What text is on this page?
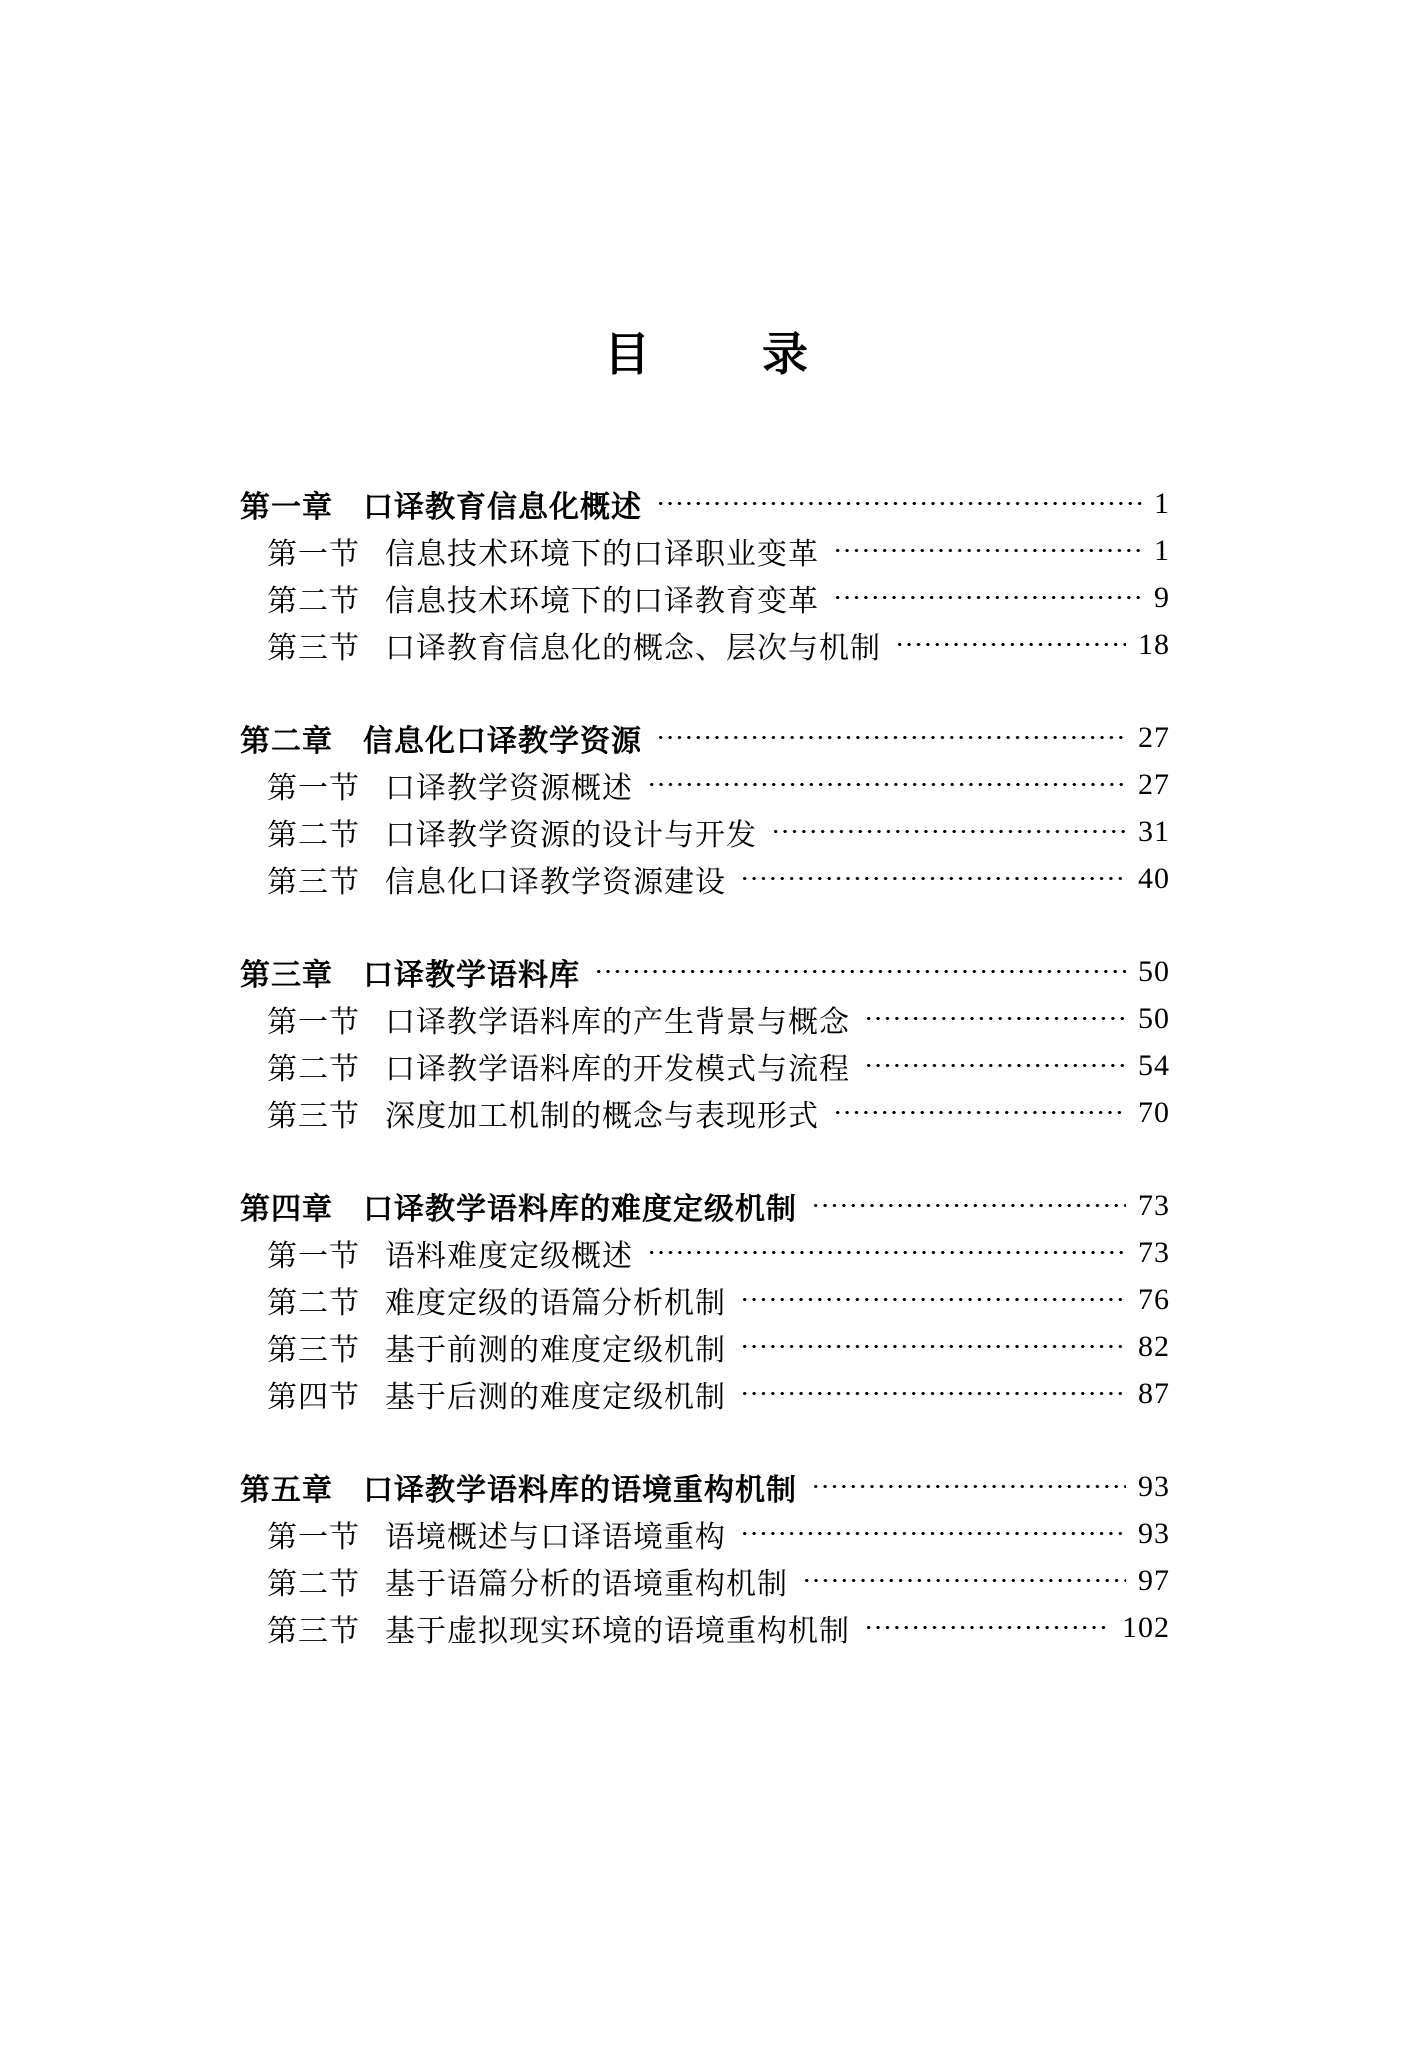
目 录
第一章 口译教育信息化概述	1
第一节 信息技术环境下的口译职业变革	1
第二节 信息技术环境下的口译教育变革	9
第三节 口译教育信息化的概念、层次与机制	18
第二章 信息化口译教学资源	27
第一节 口译教学资源概述	27
第二节 口译教学资源的设计与开发	31
第三节 信息化口译教学资源建设	40
第三章 口译教学语料库	50
第一节 口译教学语料库的产生背景与概念	50
第二节 口译教学语料库的开发模式与流程	54
第三节 深度加工机制的概念与表现形式	70
第四章 口译教学语料库的难度定级机制	73
第一节 语料难度定级概述	73
第二节 难度定级的语篇分析机制	76
第三节 基于前测的难度定级机制	82
第四节 基于后测的难度定级机制	87
第五章 口译教学语料库的语境重构机制	93
第一节 语境概述与口译语境重构	93
第二节 基于语篇分析的语境重构机制	97
第三节 基于虚拟现实环境的语境重构机制	102
